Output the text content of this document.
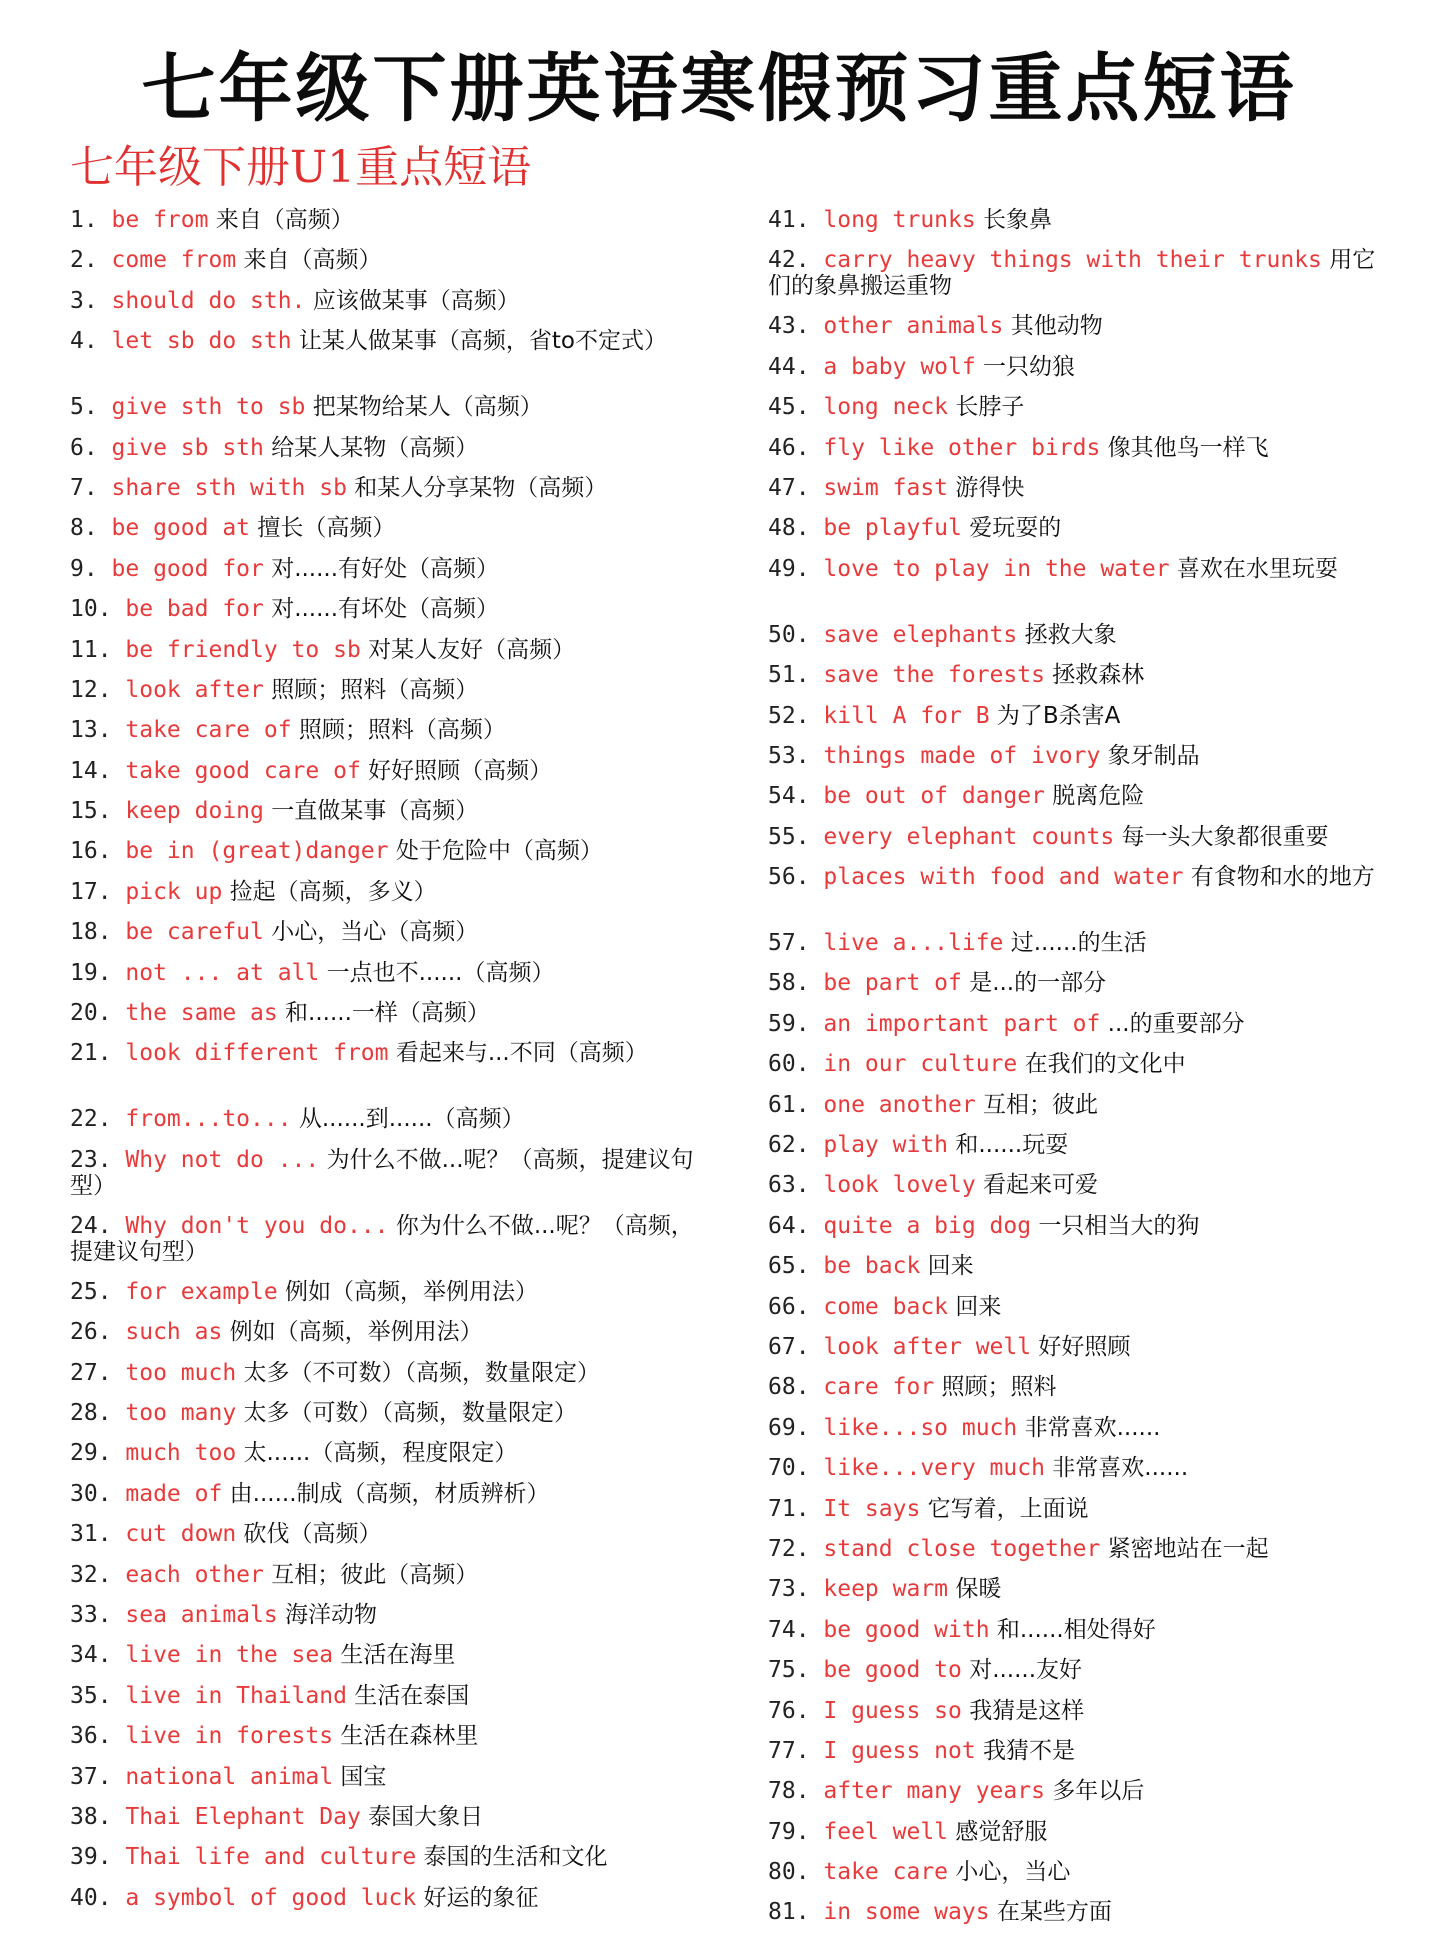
七年级下册英语寒假预习重点短语
七年级下册U1重点短语
1. be from 来自（高频）
2. come from 来自（高频）
3. should do sth. 应该做某事（高频）
4. let sb do sth 让某人做某事（高频，省to不定式）
5. give sth to sb 把某物给某人（高频）
6. give sb sth 给某人某物（高频）
7. share sth with sb 和某人分享某物（高频）
8. be good at 擅长（高频）
9. be good for 对......有好处（高频）
10. be bad for 对......有坏处（高频）
11. be friendly to sb 对某人友好（高频）
12. look after 照顾；照料（高频）
13. take care of 照顾；照料（高频）
14. take good care of 好好照顾（高频）
15. keep doing 一直做某事（高频）
16. be in (great)danger 处于危险中（高频）
17. pick up 捡起（高频，多义）
18. be careful 小心，当心（高频）
19. not ... at all 一点也不......（高频）
20. the same as 和......一样（高频）
21. look different from 看起来与...不同（高频）
22. from...to... 从......到......（高频）
23. Why not do ... 为什么不做...呢？（高频，提建议句型）
24. Why don't you do... 你为什么不做...呢？（高频，提建议句型）
25. for example 例如（高频，举例用法）
26. such as 例如（高频，举例用法）
27. too much 太多（不可数）（高频，数量限定）
28. too many 太多（可数）（高频，数量限定）
29. much too 太......（高频，程度限定）
30. made of 由......制成（高频，材质辨析）
31. cut down 砍伐（高频）
32. each other 互相；彼此（高频）
33. sea animals 海洋动物
34. live in the sea 生活在海里
35. live in Thailand 生活在泰国
36. live in forests 生活在森林里
37. national animal 国宝
38. Thai Elephant Day 泰国大象日
39. Thai life and culture 泰国的生活和文化
40. a symbol of good luck 好运的象征
41. long trunks 长象鼻
42. carry heavy things with their trunks 用它们的象鼻搬运重物
43. other animals 其他动物
44. a baby wolf 一只幼狼
45. long neck 长脖子
46. fly like other birds 像其他鸟一样飞
47. swim fast 游得快
48. be playful 爱玩耍的
49. love to play in the water 喜欢在水里玩耍
50. save elephants 拯救大象
51. save the forests 拯救森林
52. kill A for B 为了B杀害A
53. things made of ivory 象牙制品
54. be out of danger 脱离危险
55. every elephant counts 每一头大象都很重要
56. places with food and water 有食物和水的地方
57. live a...life 过......的生活
58. be part of 是...的一部分
59. an important part of ...的重要部分
60. in our culture 在我们的文化中
61. one another 互相；彼此
62. play with 和......玩耍
63. look lovely 看起来可爱
64. quite a big dog 一只相当大的狗
65. be back 回来
66. come back 回来
67. look after well 好好照顾
68. care for 照顾；照料
69. like...so much 非常喜欢......
70. like...very much 非常喜欢......
71. It says 它写着，上面说
72. stand close together 紧密地站在一起
73. keep warm 保暖
74. be good with 和......相处得好
75. be good to 对......友好
76. I guess so 我猜是这样
77. I guess not 我猜不是
78. after many years 多年以后
79. feel well 感觉舒服
80. take care 小心，当心
81. in some ways 在某些方面
